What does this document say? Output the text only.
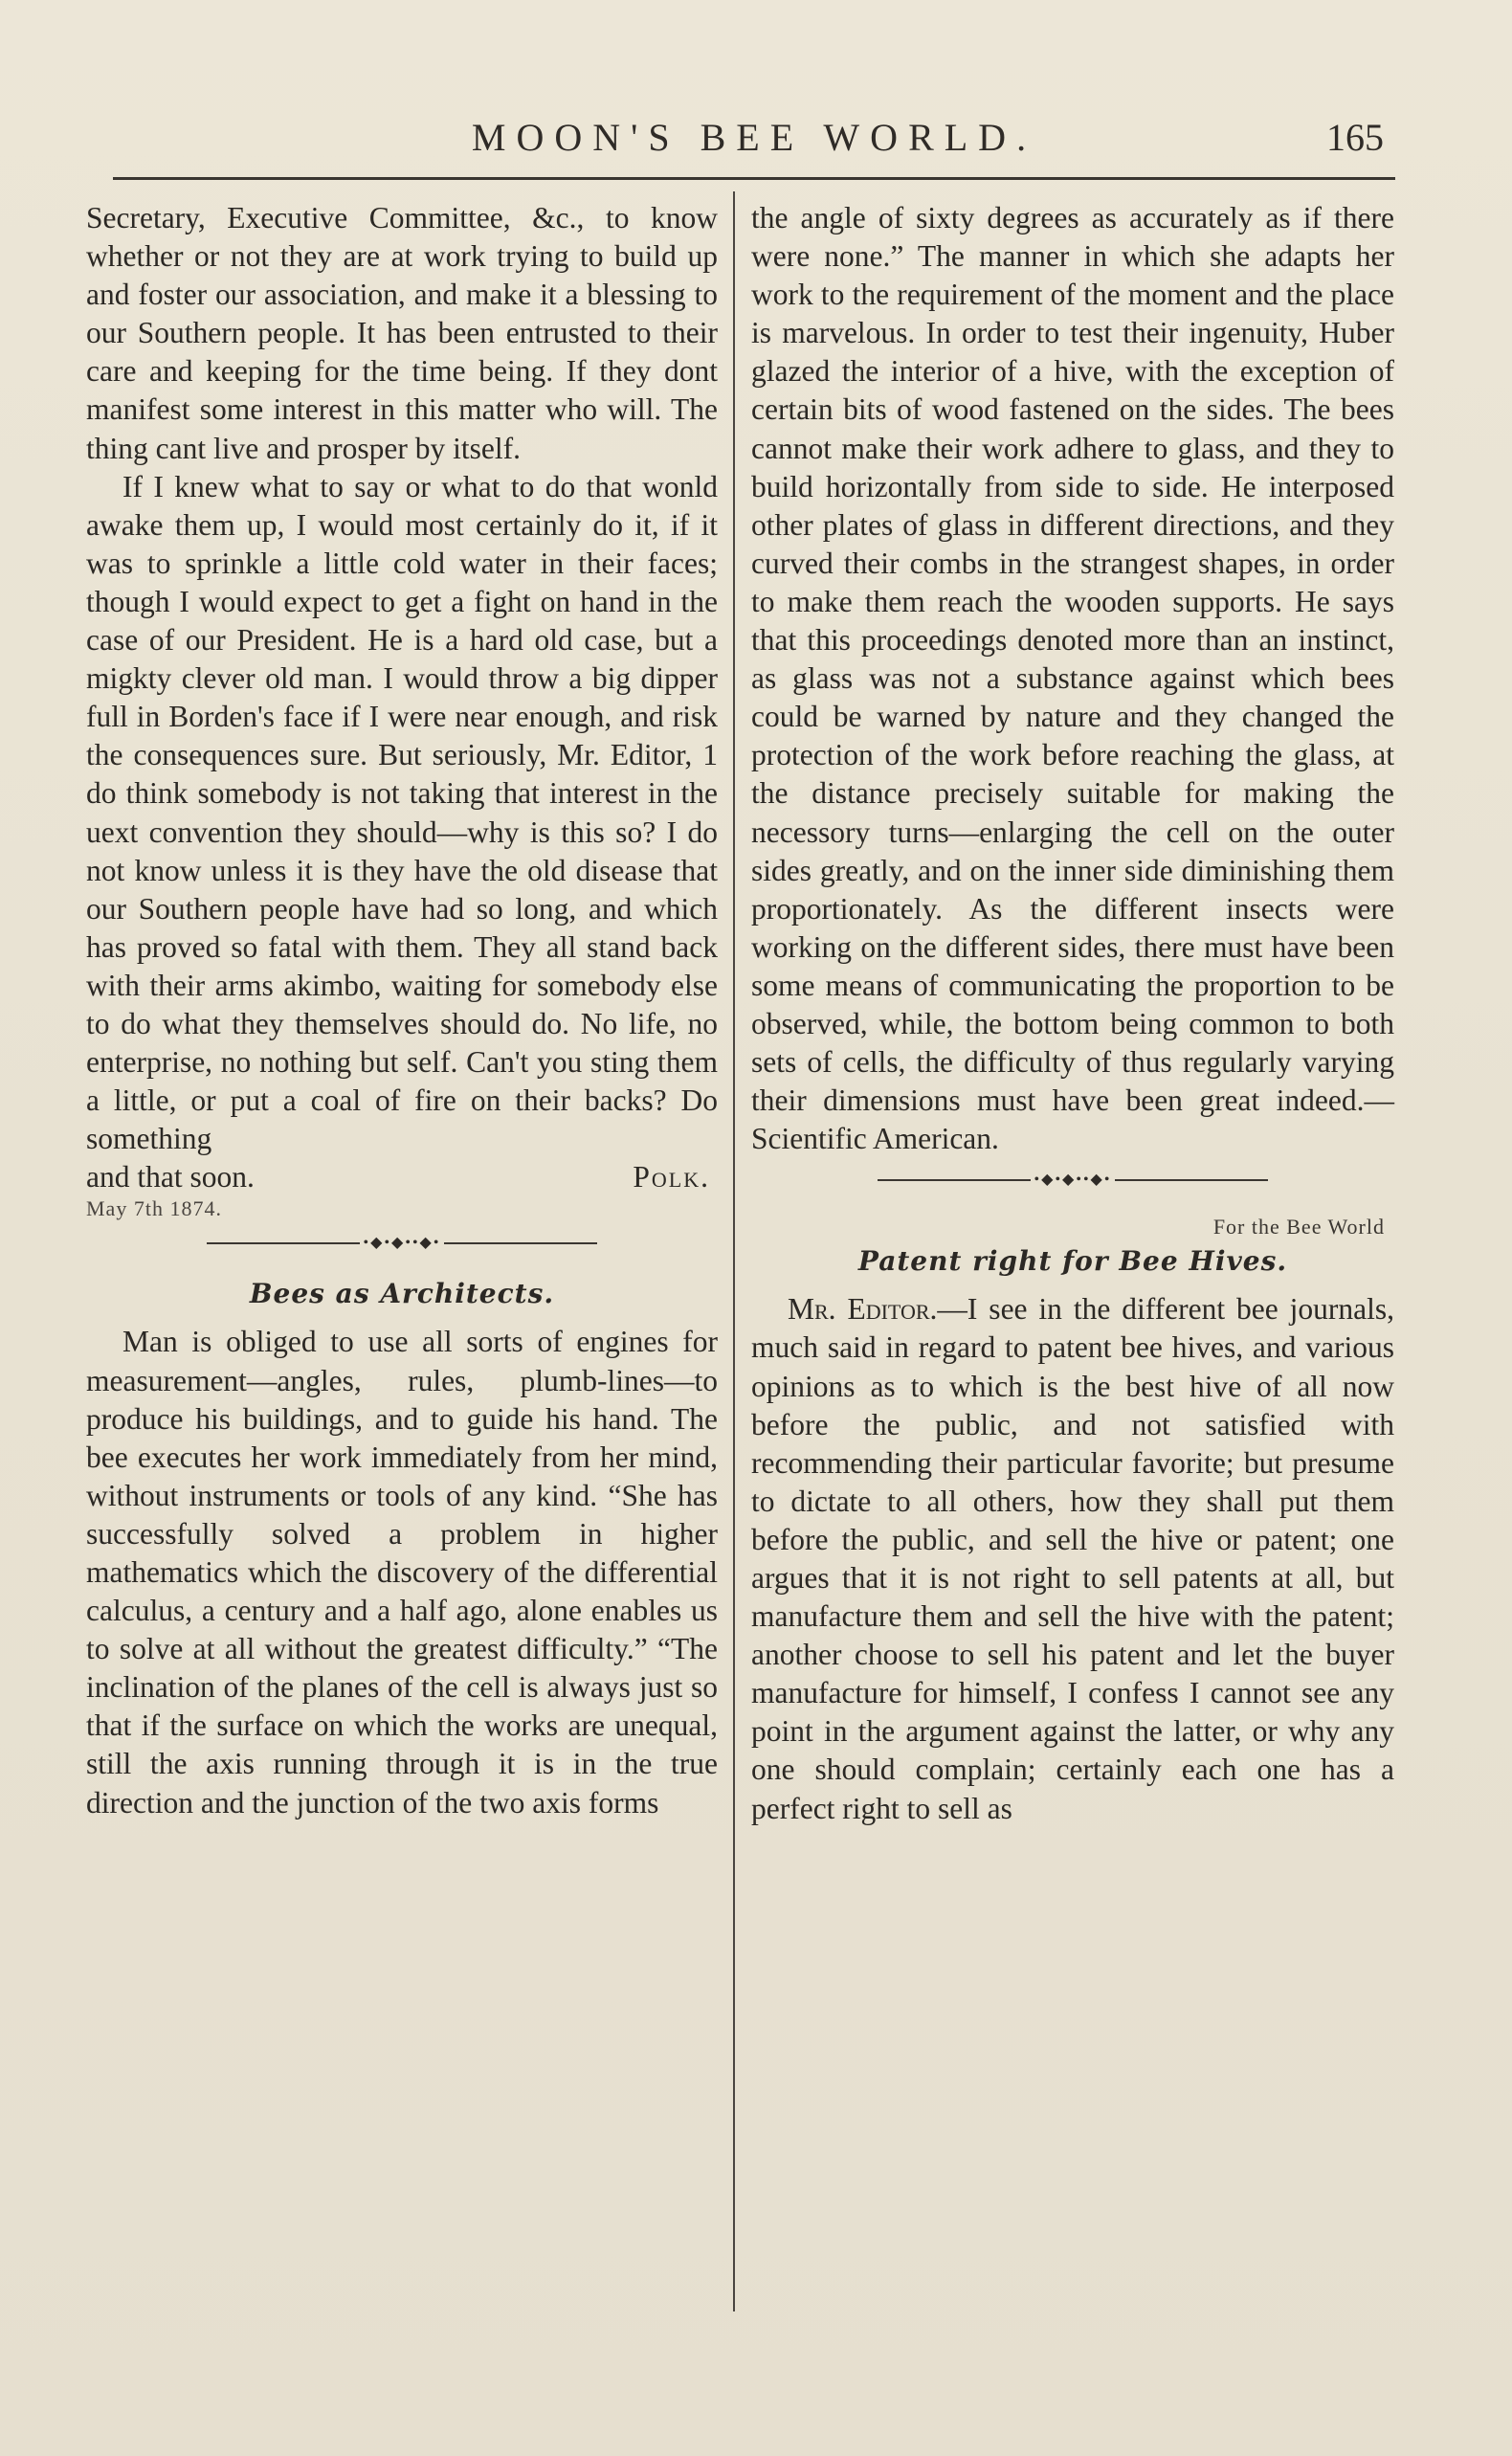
MOON'S BEE WORLD.	165

Secretary, Executive Committee, &c., to know whether or not they are at work trying to build up and foster our association, and make it a blessing to our Southern people. It has been entrusted to their care and keeping for the time being. If they dont manifest some interest in this matter who will. The thing cant live and prosper by itself.

If I knew what to say or what to do that wonld awake them up, I would most certainly do it, if it was to sprinkle a little cold water in their faces; though I would expect to get a fight on hand in the case of our President. He is a hard old case, but a migkty clever old man. I would throw a big dipper full in Borden's face if I were near enough, and risk the consequences sure. But seriously, Mr. Editor, 1 do think somebody is not taking that interest in the uext convention they should—why is this so? I do not know unless it is they have the old disease that our Southern people have had so long, and which has proved so fatal with them. They all stand back with their arms akimbo, waiting for somebody else to do what they themselves should do. No life, no enterprise, no nothing but self. Can't you sting them a little, or put a coal of fire on their backs? Do something

and that soon.	Polk.

May 7th 1874.

•◆•◆••◆•
Bees as Architects.

Man is obliged to use all sorts of engines for measurement—angles, rules, plumb-lines—to produce his buildings, and to guide his hand. The bee executes her work immediately from her mind, without instruments or tools of any kind. “She has successfully solved a problem in higher mathematics which the discovery of the differential calculus, a century and a half ago, alone enables us to solve at all without the greatest difficulty.” “The inclination of the planes of the cell is always just so that if the surface on which the works are unequal, still the axis running through it is in the true direction and the junction of the two axis forms

the angle of sixty degrees as accurately as if there were none.” The manner in which she adapts her work to the requirement of the moment and the place is marvelous. In order to test their ingenuity, Huber glazed the interior of a hive, with the exception of certain bits of wood fastened on the sides. The bees cannot make their work adhere to glass, and they to build horizontally from side to side. He interposed other plates of glass in different directions, and they curved their combs in the strangest shapes, in order to make them reach the wooden supports. He says that this proceedings denoted more than an instinct, as glass was not a substance against which bees could be warned by nature and they changed the protection of the work before reaching the glass, at the distance precisely suitable for making the necessory turns—enlarging the cell on the outer sides greatly, and on the inner side diminishing them proportionately. As the different insects were working on the different sides, there must have been some means of communicating the proportion to be observed, while, the bottom being common to both sets of cells, the difficulty of thus regularly varying their dimensions must have been great indeed.—Scientific American.

•◆•◆••◆•
For the Bee World
Patent right for Bee Hives.

Mr. Editor.—I see in the different bee journals, much said in regard to patent bee hives, and various opinions as to which is the best hive of all now before the public, and not satisfied with recommending their particular favorite; but presume to dictate to all others, how they shall put them before the public, and sell the hive or patent; one argues that it is not right to sell patents at all, but manufacture them and sell the hive with the patent; another choose to sell his patent and let the buyer manufacture for himself, I confess I cannot see any point in the argument against the latter, or why any one should complain; certainly each one has a perfect right to sell as
